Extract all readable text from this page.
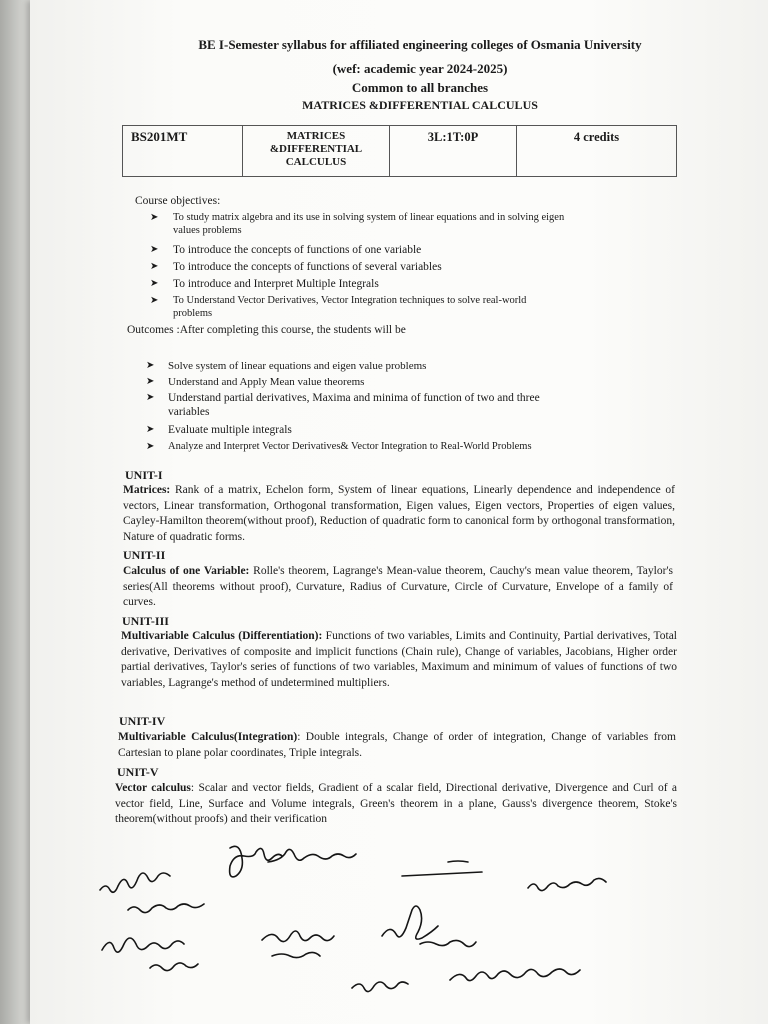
BE I-Semester syllabus for affiliated engineering colleges of Osmania University
(wef: academic year 2024-2025)
Common to all branches
MATRICES &DIFFERENTIAL CALCULUS
BS201MT	MATRICES
&DIFFERENTIAL
CALCULUS
	3L:1T:0P	4 credits
Course objectives:
➤ To study matrix algebra and its use in solving system of linear equations and in solving eigen
values problems
➤ To introduce the concepts of functions of one variable
➤ To introduce the concepts of functions of several variables
➤ To introduce and Interpret Multiple Integrals
➤ To Understand Vector Derivatives, Vector Integration techniques to solve real-world
problems
Outcomes :After completing this course, the students will be
➤ Solve system of linear equations and eigen value problems
➤ Understand and Apply Mean value theorems
➤ Understand partial derivatives, Maxima and minima of function of two and three
variables
➤ Evaluate multiple integrals
➤ Analyze and Interpret Vector Derivatives& Vector Integration to Real-World Problems
UNIT-I
Matrices: Rank of a matrix, Echelon form, System of linear equations, Linearly dependence and independence of vectors, Linear transformation, Orthogonal transformation, Eigen values, Eigen vectors, Properties of eigen values, Cayley-Hamilton theorem(without proof), Reduction of quadratic form to canonical form by orthogonal transformation, Nature of quadratic forms.
UNIT-II
Calculus of one Variable: Rolle's theorem, Lagrange's Mean-value theorem, Cauchy's mean value theorem, Taylor's series(All theorems without proof), Curvature, Radius of Curvature, Circle of Curvature, Envelope of a family of curves.
UNIT-III
Multivariable Calculus (Differentiation): Functions of two variables, Limits and Continuity, Partial derivatives, Total derivative, Derivatives of composite and implicit functions (Chain rule), Change of variables, Jacobians, Higher order partial derivatives, Taylor's series of functions of two variables, Maximum and minimum of values of functions of two variables, Lagrange's method of undetermined multipliers.
UNIT-IV
Multivariable Calculus(Integration): Double integrals, Change of order of integration, Change of variables from Cartesian to plane polar coordinates, Triple integrals.
UNIT-V
Vector calculus: Scalar and vector fields, Gradient of a scalar field, Directional derivative, Divergence and Curl of a vector field, Line, Surface and Volume integrals, Green's theorem in a plane, Gauss's divergence theorem, Stoke's theorem(without proofs) and their verification
